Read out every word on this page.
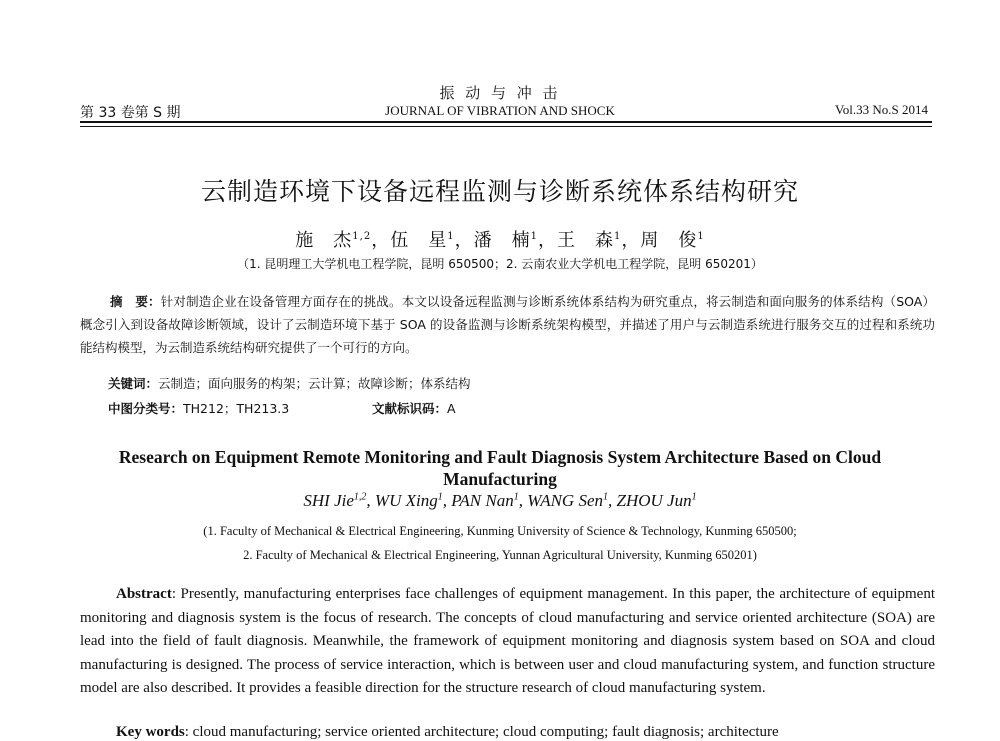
振 动 与 冲 击
第 33 卷第 S 期	JOURNAL OF VIBRATION AND SHOCK	Vol.33 No.S 2014
云制造环境下设备远程监测与诊断系统体系结构研究
施　杰$^{1,2}$，伍　星$^1$，潘　楠$^1$，王　森$^1$，周　俊$^1$
（1. 昆明理工大学机电工程学院，昆明 650500；2. 云南农业大学机电工程学院，昆明 650201）
摘　要：针对制造企业在设备管理方面存在的挑战。本文以设备远程监测与诊断系统体系结构为研究重点，将云制造和面向服务的体系结构（SOA）概念引入到设备故障诊断领域，设计了云制造环境下基于 SOA 的设备监测与诊断系统架构模型，并描述了用户与云制造系统进行服务交互的过程和系统功能结构模型，为云制造系统结构研究提供了一个可行的方向。
关键词：云制造；面向服务的构架；云计算；故障诊断；体系结构
中图分类号：TH212；TH213.3	文献标识码：A
Research on Equipment Remote Monitoring and Fault Diagnosis System Architecture Based on Cloud Manufacturing
SHI Jie$^{1,2}$, WU Xing$^1$, PAN Nan$^1$, WANG Sen$^1$, ZHOU Jun$^1$
(1. Faculty of Mechanical & Electrical Engineering, Kunming University of Science & Technology, Kunming 650500;
2. Faculty of Mechanical & Electrical Engineering, Yunnan Agricultural University, Kunming 650201)
Abstract: Presently, manufacturing enterprises face challenges of equipment management. In this paper, the architecture of equipment monitoring and diagnosis system is the focus of research. The concepts of cloud manufacturing and service oriented architecture (SOA) are lead into the field of fault diagnosis. Meanwhile, the framework of equipment monitoring and diagnosis system based on SOA and cloud manufacturing is designed. The process of service interaction, which is between user and cloud manufacturing system, and function structure model are also described. It provides a feasible direction for the structure research of cloud manufacturing system.
Key words: cloud manufacturing; service oriented architecture; cloud computing; fault diagnosis; architecture
